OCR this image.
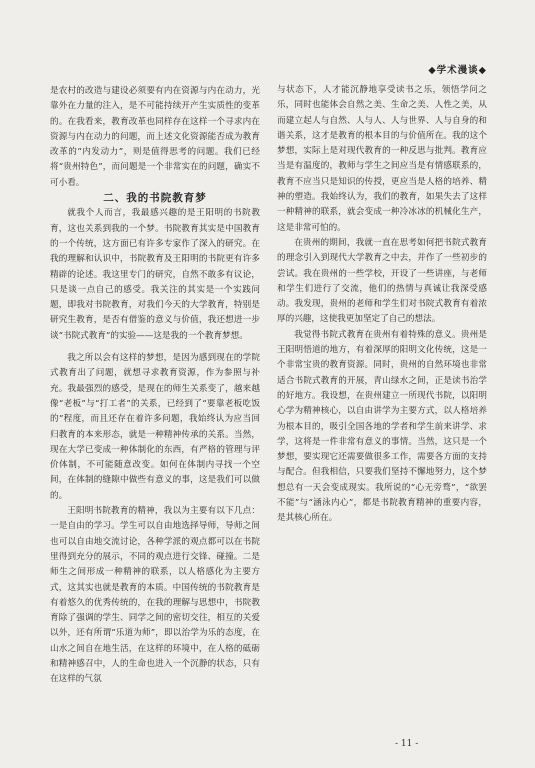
◆学术漫谈◆

是农村的改造与建设必须要有内在资源与内在动力，光靠外在力量的注入，是不可能持续开产生实质性的变革的。在我看来，教育改革也同样存在这样一个寻求内在资源与内在动力的问题，而上述文化资源能否成为教育改革的“内发动力”，则是值得思考的问题。我们已经将“贵州特色”，而问题是一个非常实在的问题，确实不可小看。

二、我的书院教育梦

就我个人而言，我最感兴趣的是王阳明的书院教育，这也关系到我的一个梦。书院教育其实是中国教育的一个传统，这方面已有许多专家作了深入的研究。在我的理解和认识中，书院教育及王阳明的书院更有许多精辟的论述。我这里专门的研究，自然不敢多有议论，只是谈一点自己的感受。我关注的其实是一个实践问题，即我对书院教育，对我们今天的大学教育，特别是研究生教育，是否有借鉴的意义与价值，我还想进一步谈“书院式教育”的实验——这是我的一个教育梦想。

我之所以会有这样的梦想，是因为感到现在的学院式教育出了问题，就想寻求教育资源，作为参照与补充。我最强烈的感受，是现在的师生关系变了，越来越像“老板”与“打工者”的关系，已经到了“要靠老板吃饭的”程度，而且还存在着许多问题，我始终认为应当回归教育的本来形态，就是一种精神传承的关系。当然，现在大学已变成一种体制化的东西，有严格的管理与评价体制，不可能随意改变。如何在体制内寻找一个空间，在体制的缝隙中做些有意义的事，这是我们可以做的。

王阳明书院教育的精神，我以为主要有以下几点：一是自由的学习。学生可以自由地选择导师，导师之间也可以自由地交流讨论，各种学派的观点都可以在书院里得到充分的展示，不同的观点进行交锋、碰撞。二是师生之间形成一种精神的联系，以人格感化为主要方式，这其实也就是教育的本质。中国传统的书院教育是有着悠久的优秀传统的，在我的理解与思想中，书院教育除了强调的学生、同学之间的密切交往，相互的关爱以外，还有所谓“乐道为师”，即以治学为乐的态度，在山水之间自在地生活，在这样的环境中，在人格的砥砺和精神感召中，人的生命也进入一个沉静的状态，只有在这样的气氛

与状态下，人才能沉静地享受读书之乐，领悟学问之乐，同时也能体会自然之美、生命之美、人性之美，从而建立起人与自然、人与人、人与世界、人与自身的和谐关系，这才是教育的根本目的与价值所在。我的这个梦想，实际上是对现代教育的一种反思与批判。教育应当是有温度的，教师与学生之间应当是有情感联系的，教育不应当只是知识的传授，更应当是人格的培养、精神的塑造。我始终认为，我们的教育，如果失去了这样一种精神的联系，就会变成一种冷冰冰的机械化生产，这是非常可怕的。

在贵州的期间，我就一直在思考如何把书院式教育的理念引入到现代大学教育之中去，并作了一些初步的尝试。我在贵州的一些学校，开设了一些讲座，与老师和学生们进行了交流，他们的热情与真诚让我深受感动。我发现，贵州的老师和学生们对书院式教育有着浓厚的兴趣，这使我更加坚定了自己的想法。

我觉得书院式教育在贵州有着特殊的意义。贵州是王阳明悟道的地方，有着深厚的阳明文化传统，这是一个非常宝贵的教育资源。同时，贵州的自然环境也非常适合书院式教育的开展，青山绿水之间，正是读书治学的好地方。我设想，在贵州建立一所现代书院，以阳明心学为精神核心，以自由讲学为主要方式，以人格培养为根本目的，吸引全国各地的学者和学生前来讲学、求学，这将是一件非常有意义的事情。当然，这只是一个梦想，要实现它还需要做很多工作，需要各方面的支持与配合。但我相信，只要我们坚持不懈地努力，这个梦想总有一天会变成现实。我所说的“心无旁骛”，“欲罢不能”与“涵泳内心”，都是书院教育精神的重要内容，是其核心所在。

- 11 -
